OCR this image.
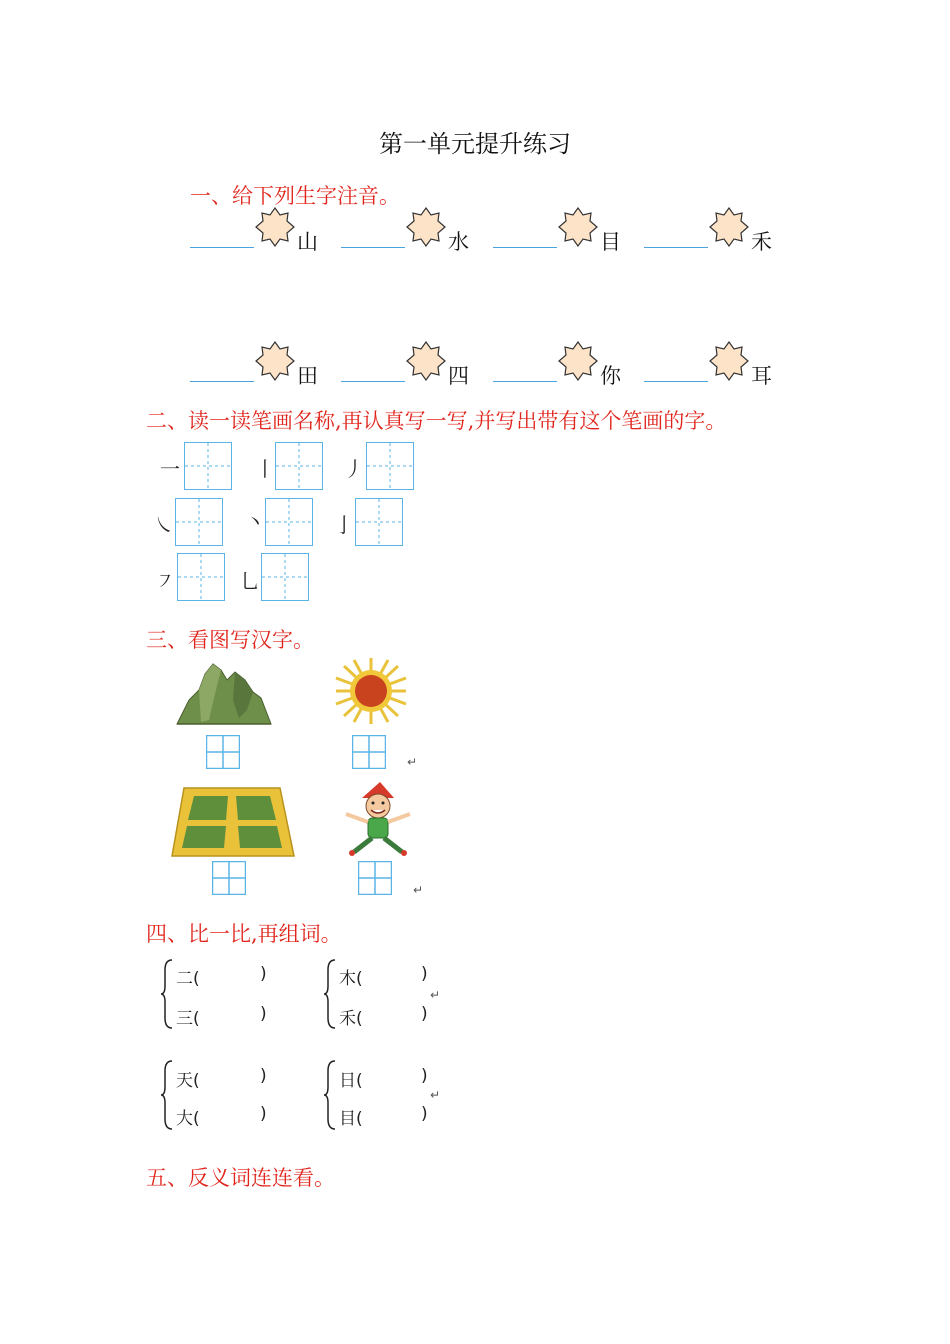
第一单元提升练习
一、给下列生字注音。
山	水	目	禾
田	四	你	耳
二、读一读笔画名称,再认真写一写,并写出带有这个笔画的字。
一	丨	丿
㇏	丶	亅
㇇	乚
三、看图写汉字。
↵
↵
四、比一比,再组词。
二(	)
三(	)
木(	)
禾(	)
↵
天(	)
大(	)
日(	)
目(	)
↵
五、反义词连连看。
